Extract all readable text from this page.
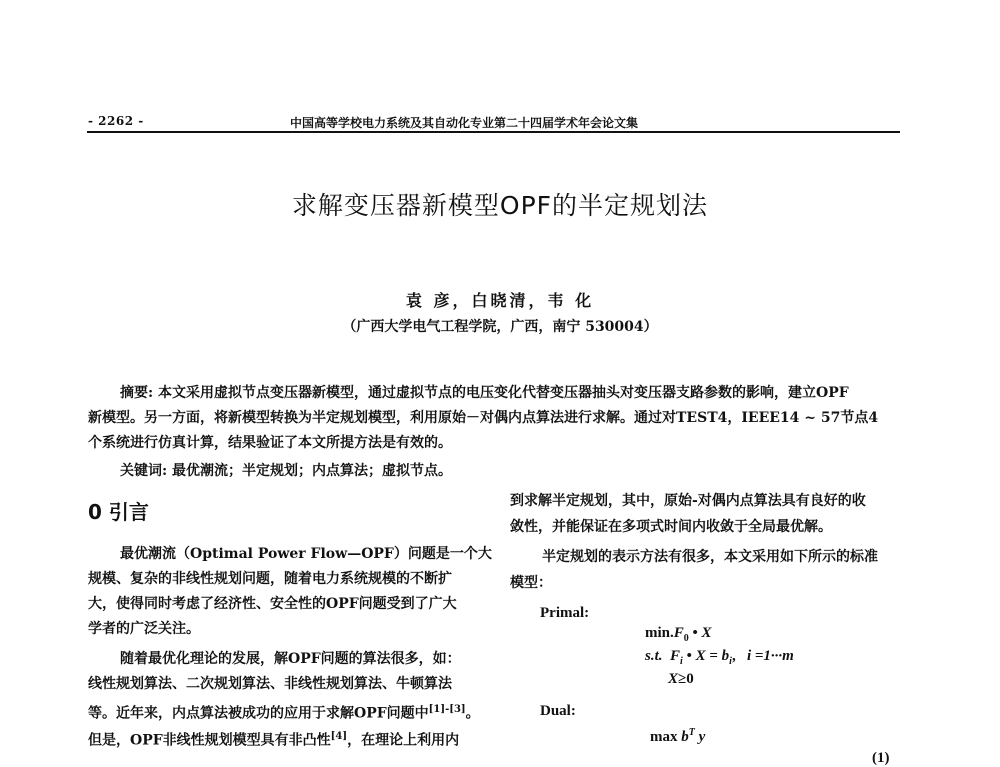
- 2262 -	中国高等学校电力系统及其自动化专业第二十四届学术年会论文集
求解变压器新模型OPF的半定规划法
袁 彦，白晓清，韦 化
（广西大学电气工程学院，广西，南宁 530004）
摘要: 本文采用虚拟节点变压器新模型，通过虚拟节点的电压变化代替变压器抽头对变压器支路参数的影响，建立OPF
新模型。另一方面，将新模型转换为半定规划模型，利用原始－对偶内点算法进行求解。通过对TEST4，IEEE14 ~ 57节点4
个系统进行仿真计算，结果验证了本文所提方法是有效的。
关键词: 最优潮流；半定规划；内点算法；虚拟节点。
0 引言
最优潮流（Optimal Power Flow—OPF）问题是一个大
规模、复杂的非线性规划问题，随着电力系统规模的不断扩
大，使得同时考虑了经济性、安全性的OPF问题受到了广大
学者的广泛关注。
随着最优化理论的发展，解OPF问题的算法很多，如：
线性规划算法、二次规划算法、非线性规划算法、牛顿算法
等。近年来，内点算法被成功的应用于求解OPF问题中[1]-[3]。
但是，OPF非线性规划模型具有非凸性[4]，在理论上利用内
到求解半定规划，其中，原始-对偶内点算法具有良好的收
敛性，并能保证在多项式时间内收敛于全局最优解。
半定规划的表示方法有很多，本文采用如下所示的标准
模型：
Primal:
$\min.F_0$ • X
s.t. $F_i$ • $X = b_i$,   i =1···m
X≥0
Dual:
$\max b^T$ y
(1)
